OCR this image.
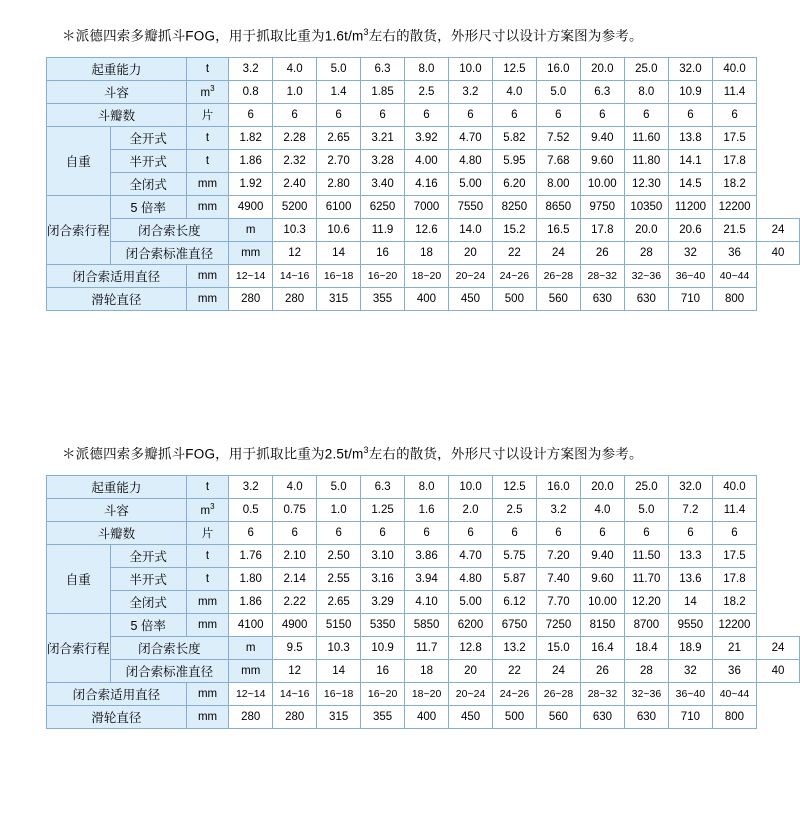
＊派德四索多瓣抓斗FOG，用于抓取比重为$1.6t/m^3$左右的散货，外形尺寸以设计方案图为参考。
起重能力		t	3.2	4.0	5.0	6.3	8.0	10.0	12.5	16.0	20.0	25.0	32.0	40.0	
斗容		$m^3$	0.8	1.0	1.4	1.85	2.5	3.2	4.0	5.0	6.3	8.0	10.9	11.4	
斗瓣数		片	6	6	6	6	6	6	6	6	6	6	6	6	
自重	全开式	t	1.82	2.28	2.65	3.21	3.92	4.70	5.82	7.52	9.40	11.60	13.8	17.5	
	半开式	t	1.86	2.32	2.70	3.28	4.00	4.80	5.95	7.68	9.60	11.80	14.1	17.8	
	全闭式	mm	1.92	2.40	2.80	3.40	4.16	5.00	6.20	8.00	10.00	12.30	14.5	18.2	
闭合索行程	5 倍率	mm	4900	5200	6100	6250	7000	7550	8250	8650	9750	10350	11200	12200	
	闭合索长度		m	10.3	10.6	11.9	12.6	14.0	15.2	16.5	17.8	20.0	20.6	21.5	24
	闭合索标准直径		mm	12	14	16	18	20	22	24	26	28	32	36	40
闭合索适用直径		mm	12~14	14~16	16~18	16~20	18~20	20~24	24~26	26~28	28~32	32~36	36~40	40~44	
滑轮直径		mm	280	280	315	355	400	450	500	560	630	630	710	800	
＊派德四索多瓣抓斗FOG，用于抓取比重为$2.5t/m^3$左右的散货，外形尺寸以设计方案图为参考。
起重能力		t	3.2	4.0	5.0	6.3	8.0	10.0	12.5	16.0	20.0	25.0	32.0	40.0	
斗容		$m^3$	0.5	0.75	1.0	1.25	1.6	2.0	2.5	3.2	4.0	5.0	7.2	11.4	
斗瓣数		片	6	6	6	6	6	6	6	6	6	6	6	6	
自重	全开式	t	1.76	2.10	2.50	3.10	3.86	4.70	5.75	7.20	9.40	11.50	13.3	17.5	
	半开式	t	1.80	2.14	2.55	3.16	3.94	4.80	5.87	7.40	9.60	11.70	13.6	17.8	
	全闭式	mm	1.86	2.22	2.65	3.29	4.10	5.00	6.12	7.70	10.00	12.20	14	18.2	
闭合索行程	5 倍率	mm	4100	4900	5150	5350	5850	6200	6750	7250	8150	8700	9550	12200	
	闭合索长度		m	9.5	10.3	10.9	11.7	12.8	13.2	15.0	16.4	18.4	18.9	21	24
	闭合索标准直径		mm	12	14	16	18	20	22	24	26	28	32	36	40
闭合索适用直径		mm	12~14	14~16	16~18	16~20	18~20	20~24	24~26	26~28	28~32	32~36	36~40	40~44	
滑轮直径		mm	280	280	315	355	400	450	500	560	630	630	710	800	
